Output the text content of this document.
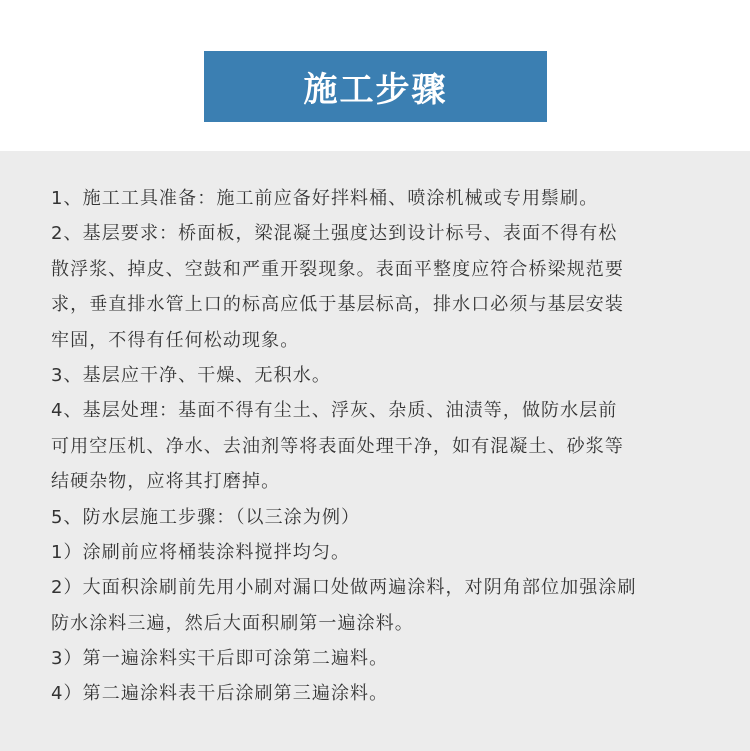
施工步骤
1、施工工具准备：施工前应备好拌料桶、喷涂机械或专用鬃刷。
2、基层要求：桥面板，梁混凝土强度达到设计标号、表面不得有松
散浮浆、掉皮、空鼓和严重开裂现象。表面平整度应符合桥梁规范要
求，垂直排水管上口的标高应低于基层标高，排水口必须与基层安装
牢固，不得有任何松动现象。
3、基层应干净、干燥、无积水。
4、基层处理：基面不得有尘土、浮灰、杂质、油渍等，做防水层前
可用空压机、净水、去油剂等将表面处理干净，如有混凝土、砂浆等
结硬杂物，应将其打磨掉。
5、防水层施工步骤：（以三涂为例）
1）涂刷前应将桶装涂料搅拌均匀。
2）大面积涂刷前先用小刷对漏口处做两遍涂料，对阴角部位加强涂刷
防水涂料三遍，然后大面积刷第一遍涂料。
3）第一遍涂料实干后即可涂第二遍料。
4）第二遍涂料表干后涂刷第三遍涂料。
